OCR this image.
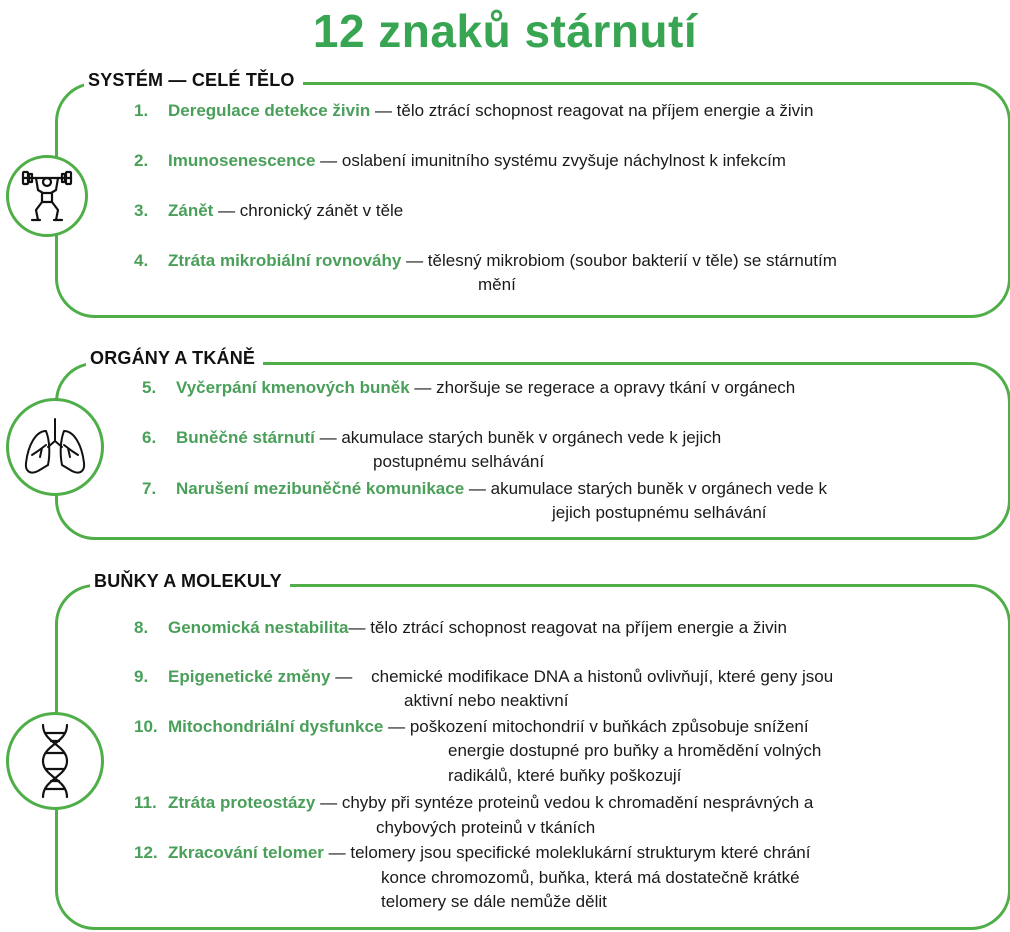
12 znaků stárnutí
SYSTÉM — CELÉ TĚLO
1. Deregulace detekce živin — tělo ztrácí schopnost reagovat na příjem energie a živin
2. Imunosenescence — oslabení imunitního systému zvyšuje náchylnost k infekcím
3. Zánět — chronický zánět v těle
4. Ztráta mikrobiální rovnováhy — tělesný mikrobiom (soubor bakterií v těle) se stárnutím
mění
ORGÁNY A TKÁNĚ
5. Vyčerpání kmenových buněk — zhoršuje se regerace a opravy tkání v orgánech
6. Buněčné stárnutí — akumulace starých buněk v orgánech vede k jejich
postupnému selhávání
7. Narušení mezibuněčné komunikace — akumulace starých buněk v orgánech vede k
jejich postupnému selhávání
BUŇKY A MOLEKULY
8. Genomická nestabilita— tělo ztrácí schopnost reagovat na příjem energie a živin
9. Epigenetické změny —    chemické modifikace DNA a histonů ovlivňují, které geny jsou
aktivní nebo neaktivní
10. Mitochondriální dysfunkce — poškození mitochondrií v buňkách způsobuje snížení
energie dostupné pro buňky a hromědění volných
radikálů, které buňky poškozují
11. Ztráta proteostázy — chyby při syntéze proteinů vedou k chromadění nesprávných a
chybových proteinů v tkáních
12. Zkracování telomer — telomery jsou specifické moleklukární strukturym které chrání
konce chromozomů, buňka, která má dostatečně krátké
telomery se dále nemůže dělit
